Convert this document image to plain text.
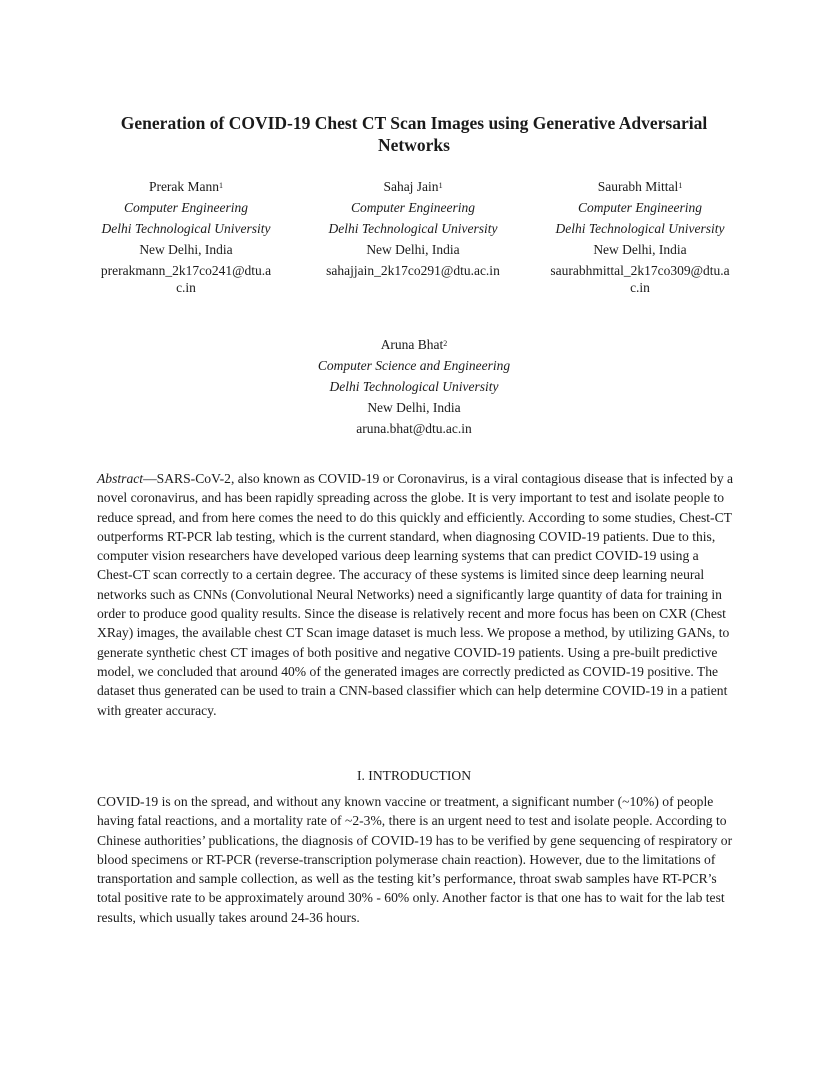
Generation of COVID-19 Chest CT Scan Images using Generative Adversarial Networks
Prerak Mann$^1$
Computer Engineering
Delhi Technological University
New Delhi, India
prerakmann_2k17co241@dtu.ac.in
Sahaj Jain$^1$
Computer Engineering
Delhi Technological University
New Delhi, India
sahajjain_2k17co291@dtu.ac.in
Saurabh Mittal$^1$
Computer Engineering
Delhi Technological University
New Delhi, India
saurabhmittal_2k17co309@dtu.ac.in
Aruna Bhat$^2$
Computer Science and Engineering
Delhi Technological University
New Delhi, India
aruna.bhat@dtu.ac.in
Abstract—SARS-CoV-2, also known as COVID-19 or Coronavirus, is a viral contagious disease that is infected by a novel coronavirus, and has been rapidly spreading across the globe. It is very important to test and isolate people to reduce spread, and from here comes the need to do this quickly and efficiently. According to some studies, Chest-CT outperforms RT-PCR lab testing, which is the current standard, when diagnosing COVID-19 patients. Due to this, computer vision researchers have developed various deep learning systems that can predict COVID-19 using a Chest-CT scan correctly to a certain degree. The accuracy of these systems is limited since deep learning neural networks such as CNNs (Convolutional Neural Networks) need a significantly large quantity of data for training in order to produce good quality results. Since the disease is relatively recent and more focus has been on CXR (Chest XRay) images, the available chest CT Scan image dataset is much less. We propose a method, by utilizing GANs, to generate synthetic chest CT images of both positive and negative COVID-19 patients. Using a pre-built predictive model, we concluded that around 40% of the generated images are correctly predicted as COVID-19 positive. The dataset thus generated can be used to train a CNN-based classifier which can help determine COVID-19 in a patient with greater accuracy.
I. INTRODUCTION
COVID-19 is on the spread, and without any known vaccine or treatment, a significant number (~10%) of people having fatal reactions, and a mortality rate of ~2-3%, there is an urgent need to test and isolate people. According to Chinese authorities’ publications, the diagnosis of COVID-19 has to be verified by gene sequencing of respiratory or blood specimens or RT-PCR (reverse-transcription polymerase chain reaction). However, due to the limitations of transportation and sample collection, as well as the testing kit’s performance, throat swab samples have RT-PCR’s total positive rate to be approximately around 30% - 60% only. Another factor is that one has to wait for the lab test results, which usually takes around 24-36 hours.
